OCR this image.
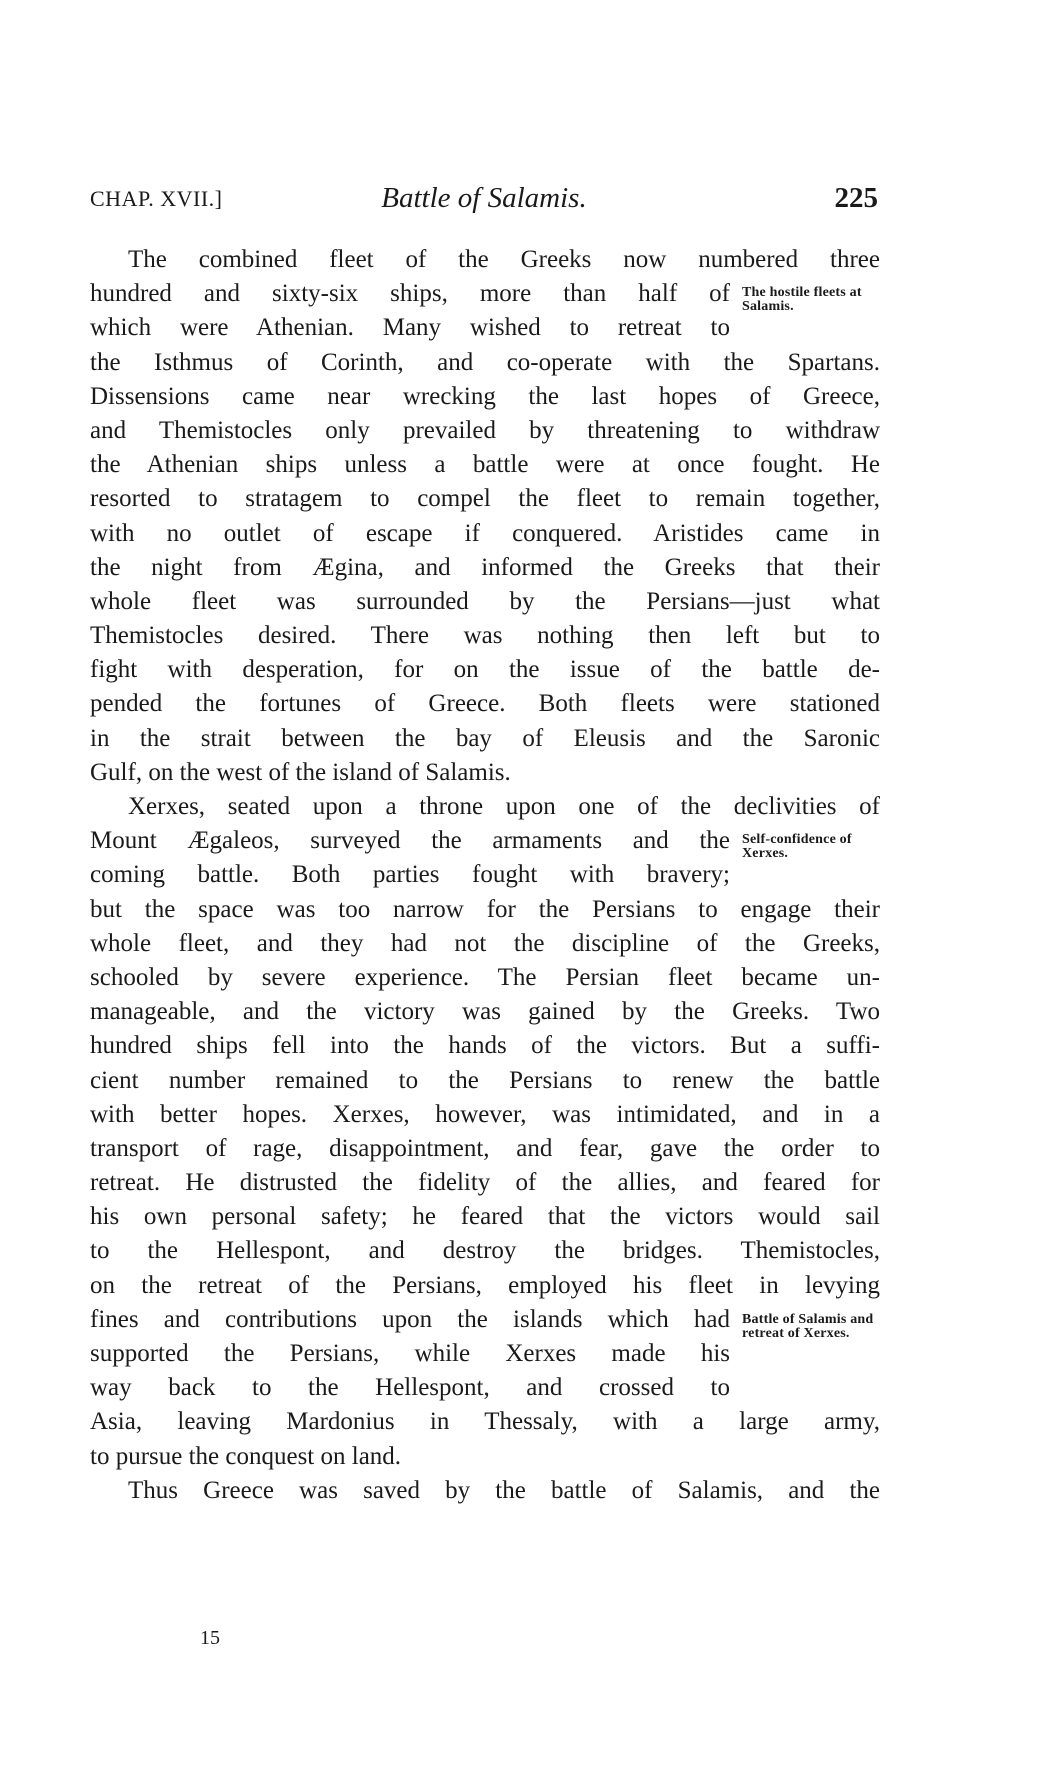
CHAP. XVII.]	Battle of Salamis.	225
The combined fleet of the Greeks now numbered three
hundred and sixty-six ships, more than half of The hostile fleets at Salamis.
which were Athenian. Many wished to retreat to
the Isthmus of Corinth, and co-operate with the Spartans.
Dissensions came near wrecking the last hopes of Greece,
and Themistocles only prevailed by threatening to withdraw
the Athenian ships unless a battle were at once fought. He
resorted to stratagem to compel the fleet to remain together,
with no outlet of escape if conquered. Aristides came in
the night from Ægina, and informed the Greeks that their
whole fleet was surrounded by the Persians—just what
Themistocles desired. There was nothing then left but to
fight with desperation, for on the issue of the battle de-
pended the fortunes of Greece. Both fleets were stationed
in the strait between the bay of Eleusis and the Saronic
Gulf, on the west of the island of Salamis.
Xerxes, seated upon a throne upon one of the declivities of
Mount Ægaleos, surveyed the armaments and the Self-confidence of Xerxes.
coming battle. Both parties fought with bravery;
but the space was too narrow for the Persians to engage their
whole fleet, and they had not the discipline of the Greeks,
schooled by severe experience. The Persian fleet became un-
manageable, and the victory was gained by the Greeks. Two
hundred ships fell into the hands of the victors. But a suffi-
cient number remained to the Persians to renew the battle
with better hopes. Xerxes, however, was intimidated, and in a
transport of rage, disappointment, and fear, gave the order to
retreat. He distrusted the fidelity of the allies, and feared for
his own personal safety; he feared that the victors would sail
to the Hellespont, and destroy the bridges. Themistocles,
on the retreat of the Persians, employed his fleet in levying
fines and contributions upon the islands which had Battle of Salamis and retreat of Xerxes.
supported the Persians, while Xerxes made his
way back to the Hellespont, and crossed to
Asia, leaving Mardonius in Thessaly, with a large army,
to pursue the conquest on land.
Thus Greece was saved by the battle of Salamis, and the
15
